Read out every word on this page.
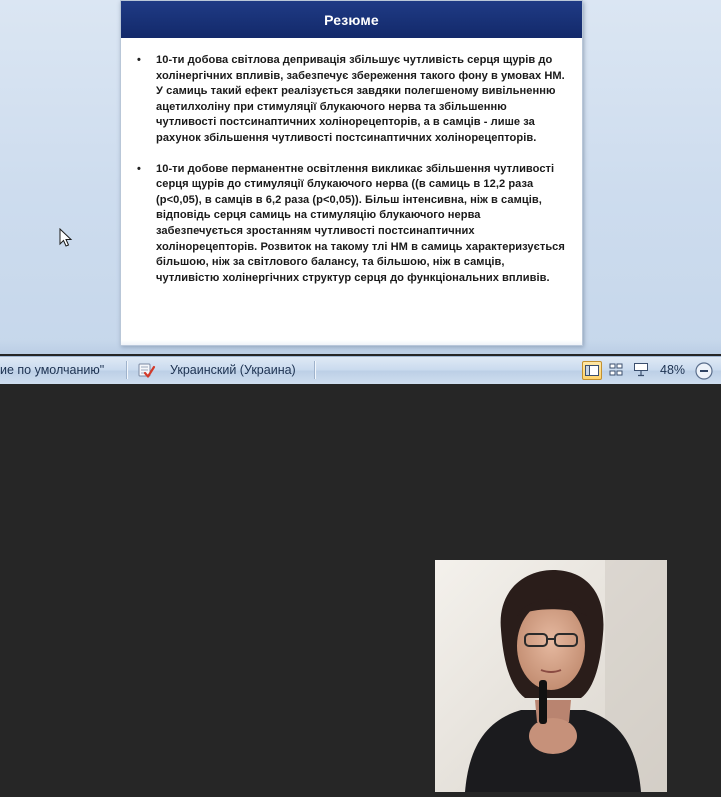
Резюме
• 10-ти добова світлова депривація збільшує чутливість серця щурів до холінергічних впливів, забезпечує збереження такого фону в умовах НМ. У самиць такий ефект реалізується завдяки полегшеному вивільненню ацетилхоліну при стимуляції блукаючого нерва та збільшенню чутливості постсинаптичних холінорецепторів, а в самців - лише за рахунок збільшення чутливості постсинаптичних холінорецепторів.
• 10-ти добове перманентне освітлення викликає збільшення чутливості серця щурів до стимуляції блукаючого нерва ((в самиць в 12,2 раза (р<0,05), в самців в 6,2 раза (р<0,05)). Більш інтенсивна, ніж в самців, відповідь серця самиць на стимуляцію блукаючого нерва забезпечується зростанням чутливості постсинаптичних холінорецепторів. Розвиток на такому тлі НМ в самиць характеризується більшою, ніж за світлового балансу, та більшою, ніж в самців, чутливістю холінергічних структур серця до функціональних впливів.
ие по умолчанию"	Украинский (Украина)	48%
